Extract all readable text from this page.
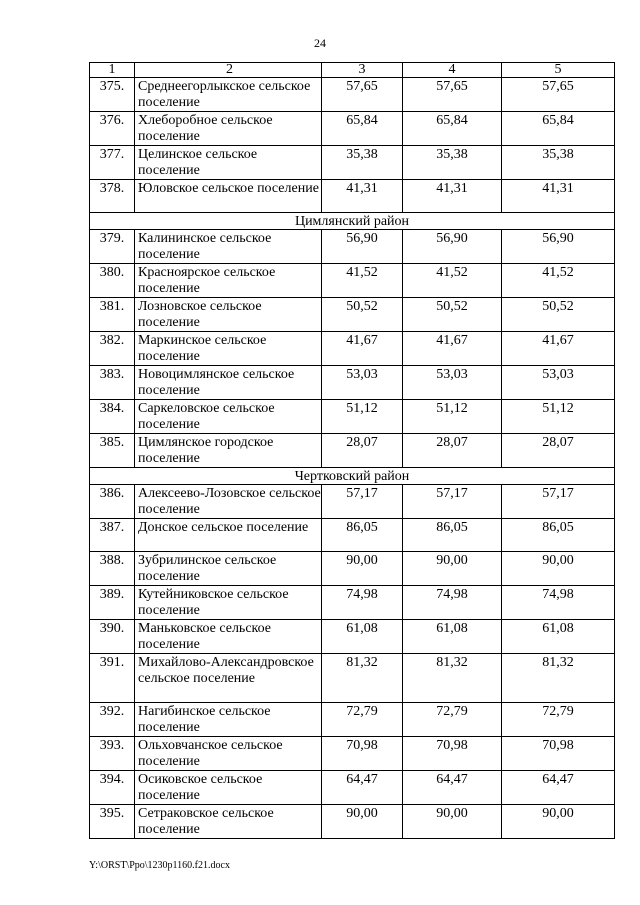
24
1	2	3	4	5
375.	Среднеегорлыкское сельское поселение	57,65	57,65	57,65
376.	Хлеборобное сельское поселение	65,84	65,84	65,84
377.	Целинское сельское поселение	35,38	35,38	35,38
378.	Юловское сельское поселение	41,31	41,31	41,31
Цимлянский район				
379.	Калининское сельское поселение	56,90	56,90	56,90
380.	Красноярское сельское поселение	41,52	41,52	41,52
381.	Лозновское сельское поселение	50,52	50,52	50,52
382.	Маркинское сельское поселение	41,67	41,67	41,67
383.	Новоцимлянское сельское поселение	53,03	53,03	53,03
384.	Саркеловское сельское поселение	51,12	51,12	51,12
385.	Цимлянское городское поселение	28,07	28,07	28,07
Чертковский район				
386.	Алексеево-Лозовское сельское поселение	57,17	57,17	57,17
387.	Донское сельское поселение	86,05	86,05	86,05
388.	Зубрилинское сельское поселение	90,00	90,00	90,00
389.	Кутейниковское сельское поселение	74,98	74,98	74,98
390.	Маньковское сельское поселение	61,08	61,08	61,08
391.	Михайлово-Александровское сельское поселение	81,32	81,32	81,32
392.	Нагибинское сельское поселение	72,79	72,79	72,79
393.	Ольховчанское сельское поселение	70,98	70,98	70,98
394.	Осиковское сельское поселение	64,47	64,47	64,47
395.	Сетраковское сельское поселение	90,00	90,00	90,00
Y:\ORST\Ppo\1230p1160.f21.docx
